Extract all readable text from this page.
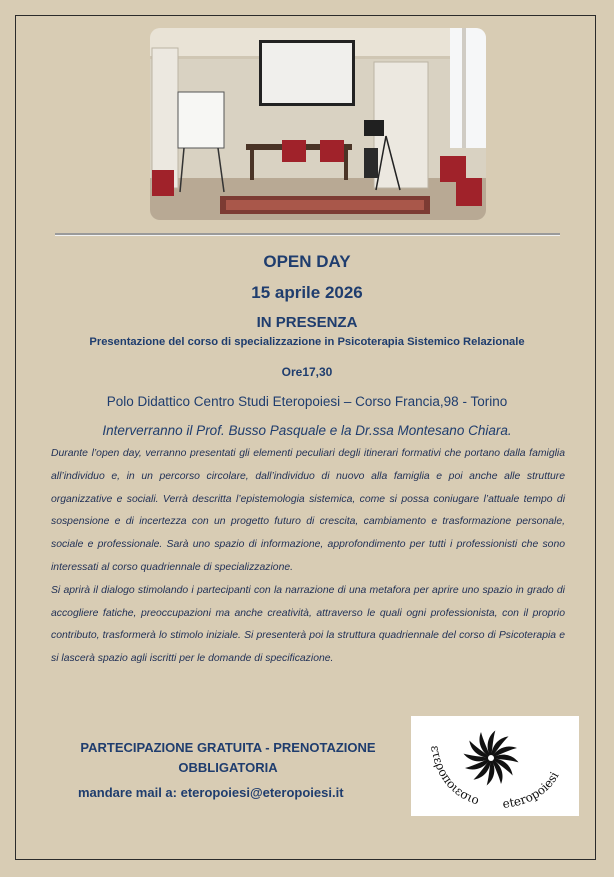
OPEN DAY
15 aprile 2026
IN PRESENZA
Presentazione del corso di specializzazione in Psicoterapia Sistemico Relazionale
Ore17,30
Polo Didattico Centro Studi Eteropoiesi – Corso Francia,98 - Torino
Interverranno il Prof. Busso Pasquale e la Dr.ssa Montesano Chiara.

Durante l’open day, verranno presentati gli elementi peculiari degli itinerari formativi che portano dalla famiglia all’individuo e, in un percorso circolare, dall’individuo di nuovo alla famiglia e poi anche alle strutture organizzative e sociali. Verrà descritta l’epistemologia sistemica, come si possa coniugare l’attuale tempo di sospensione e di incertezza con un progetto futuro di crescita, cambiamento e trasformazione personale, sociale e professionale. Sarà uno spazio di informazione, approfondimento per tutti i professionisti che sono interessati al corso quadriennale di specializzazione.

Si aprirà il dialogo stimolando i partecipanti con la narrazione di una metafora per aprire uno spazio in grado di accogliere fatiche, preoccupazioni ma anche creatività, attraverso le quali ogni professionista, con il proprio contributo, trasformerà lo stimolo iniziale. Si presenterà poi la struttura quadriennale del corso di Psicoterapia e si lascerà spazio agli iscritti per le domande di specificazione.

PARTECIPAZIONE GRATUITA - PRENOTAZIONE
OBBLIGATORIA
mandare mail a: eteropoiesi@eteropoiesi.it
ετεροποιεσιο eteropoiesi
